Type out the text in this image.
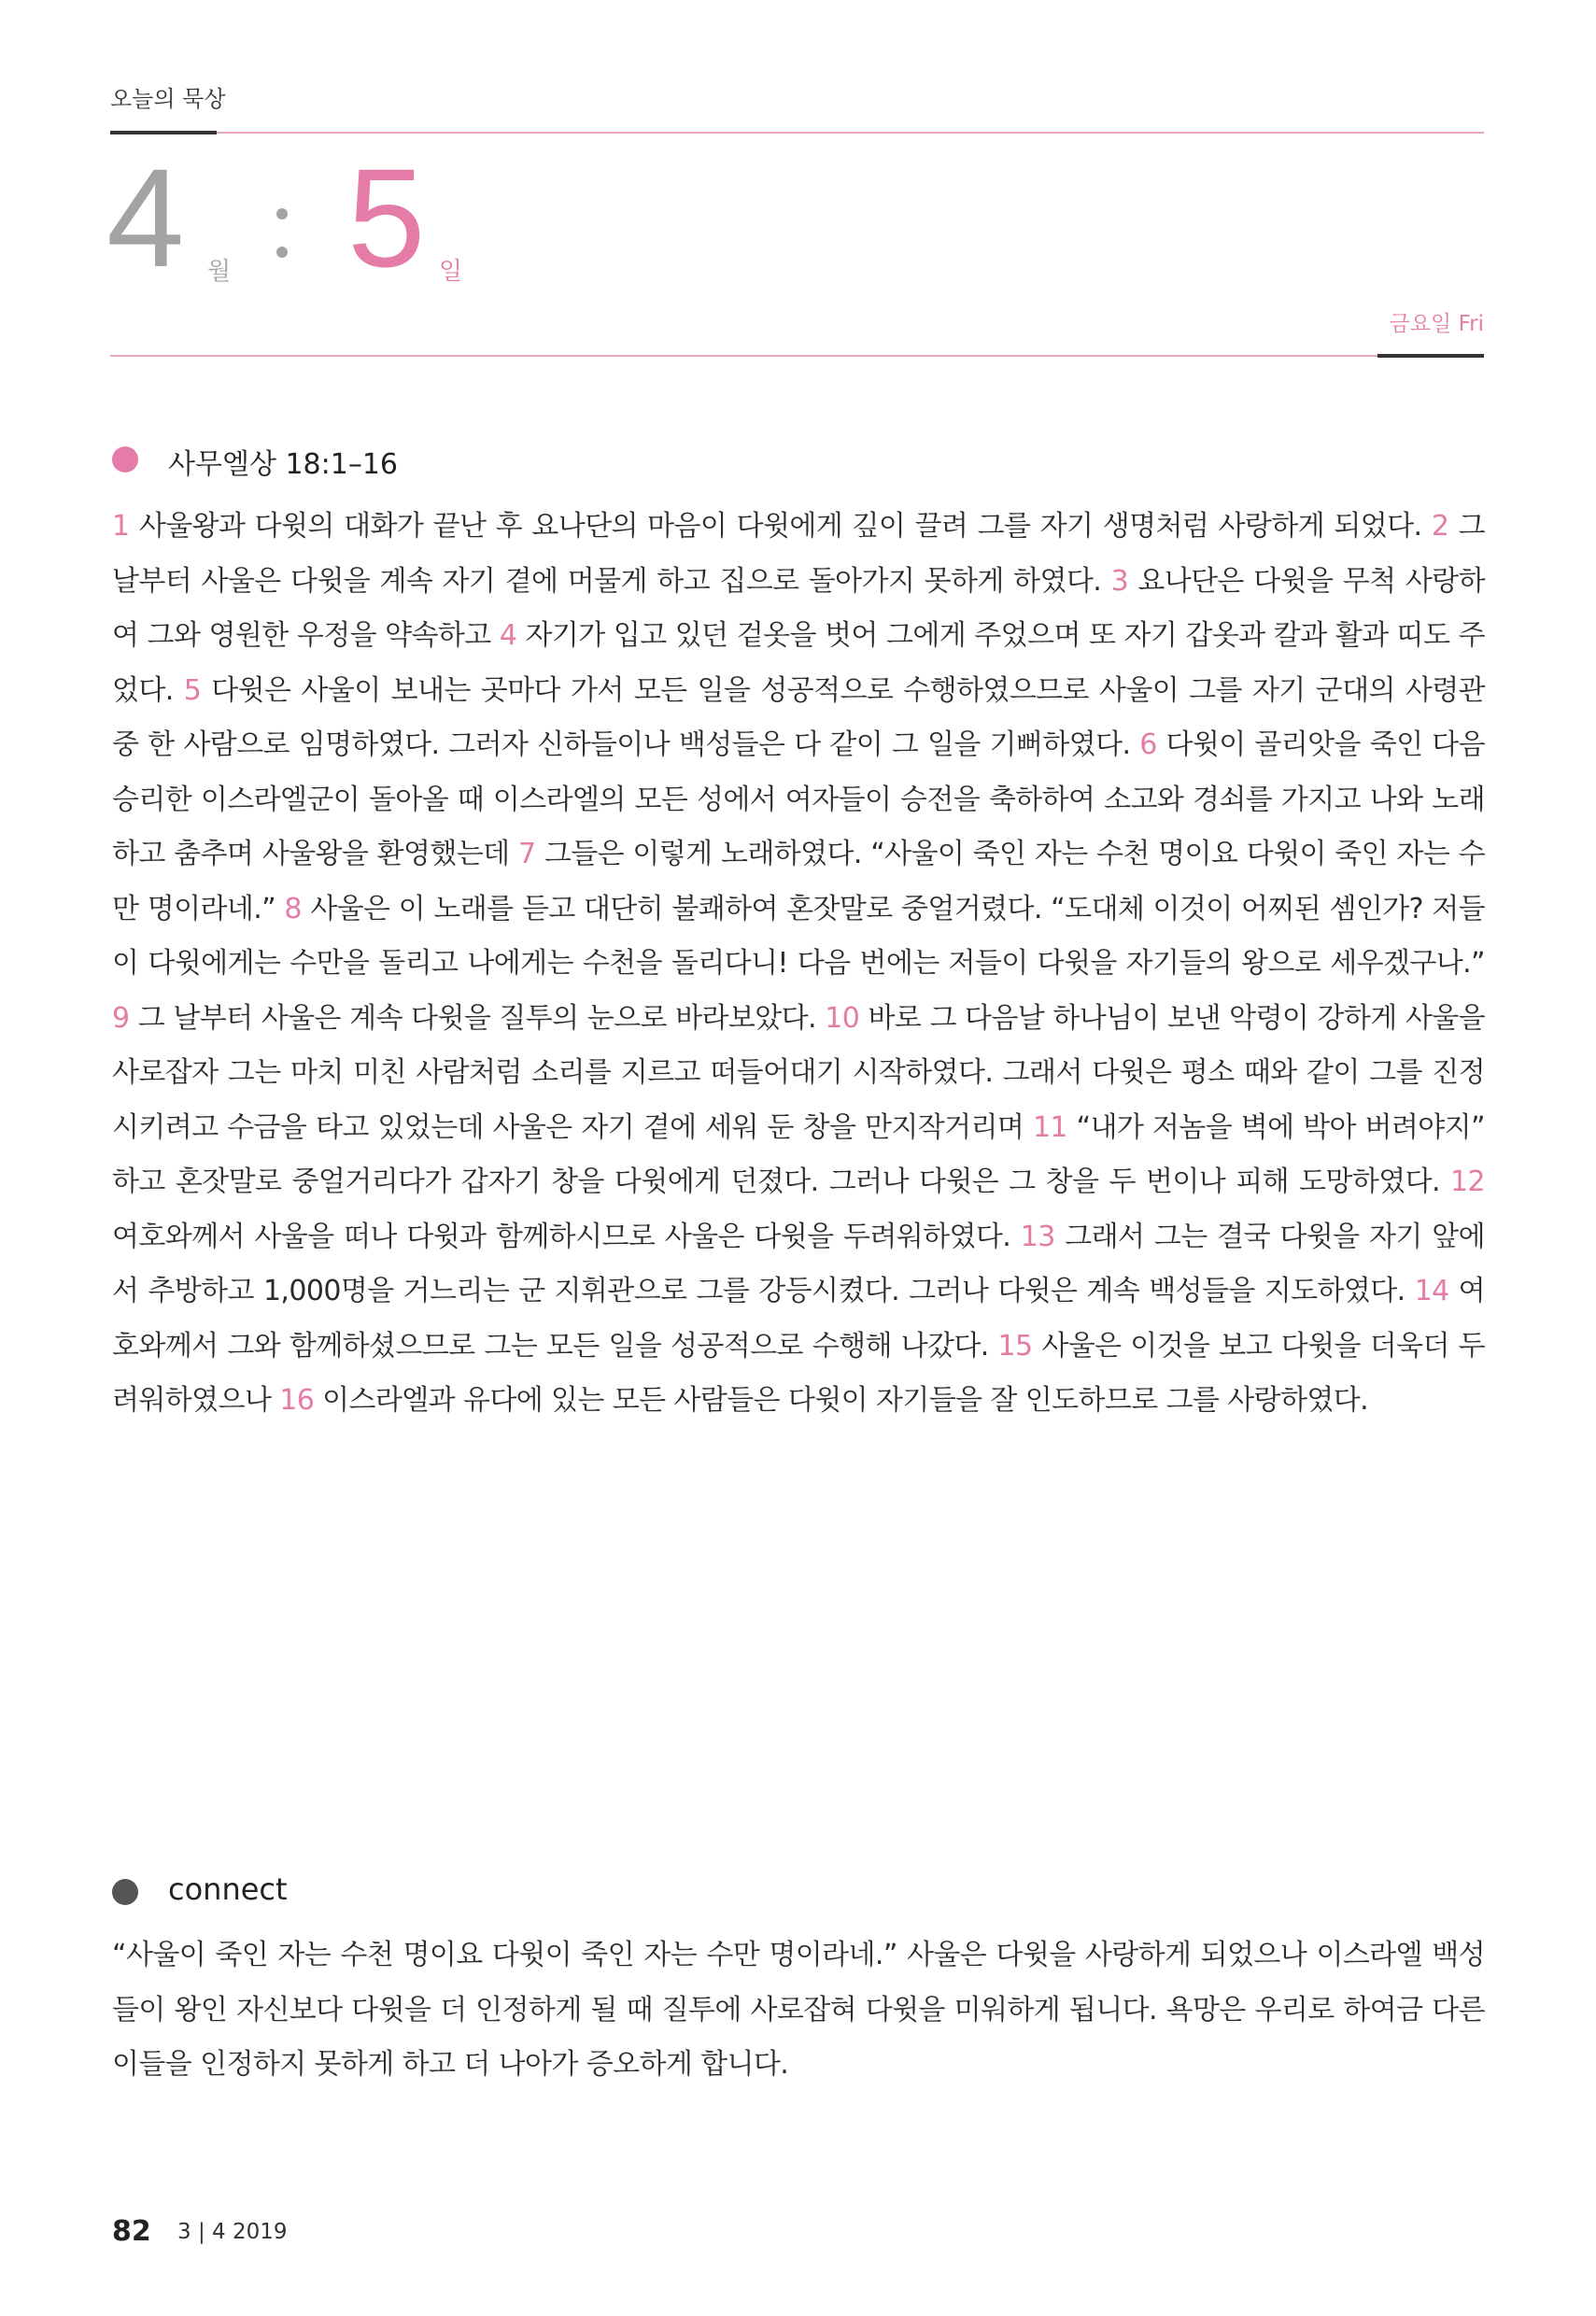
오늘의 묵상
4 월 5 일
금요일 Fri
사무엘상 18:1–16

1 사울왕과 다윗의 대화가 끝난 후 요나단의 마음이 다윗에게 깊이 끌려 그를 자기 생명처럼 사랑하게 되었다. 2 그 날부터 사울은 다윗을 계속 자기 곁에 머물게 하고 집으로 돌아가지 못하게 하였다. 3 요나단은 다윗을 무척 사랑하여 그와 영원한 우정을 약속하고 4 자기가 입고 있던 겉옷을 벗어 그에게 주었으며 또 자기 갑옷과 칼과 활과 띠도 주었다. 5 다윗은 사울이 보내는 곳마다 가서 모든 일을 성공적으로 수행하였으므로 사울이 그를 자기 군대의 사령관 중 한 사람으로 임명하였다. 그러자 신하들이나 백성들은 다 같이 그 일을 기뻐하였다. 6 다윗이 골리앗을 죽인 다음 승리한 이스라엘군이 돌아올 때 이스라엘의 모든 성에서 여자들이 승전을 축하하여 소고와 경쇠를 가지고 나와 노래하고 춤추며 사울왕을 환영했는데 7 그들은 이렇게 노래하였다. “사울이 죽인 자는 수천 명이요 다윗이 죽인 자는 수만 명이라네.” 8 사울은 이 노래를 듣고 대단히 불쾌하여 혼잣말로 중얼거렸다. “도대체 이것이 어찌된 셈인가? 저들이 다윗에게는 수만을 돌리고 나에게는 수천을 돌리다니! 다음 번에는 저들이 다윗을 자기들의 왕으로 세우겠구나.” 9 그 날부터 사울은 계속 다윗을 질투의 눈으로 바라보았다. 10 바로 그 다음날 하나님이 보낸 악령이 강하게 사울을 사로잡자 그는 마치 미친 사람처럼 소리를 지르고 떠들어대기 시작하였다. 그래서 다윗은 평소 때와 같이 그를 진정시키려고 수금을 타고 있었는데 사울은 자기 곁에 세워 둔 창을 만지작거리며 11 “내가 저놈을 벽에 박아 버려야지” 하고 혼잣말로 중얼거리다가 갑자기 창을 다윗에게 던졌다. 그러나 다윗은 그 창을 두 번이나 피해 도망하였다. 12 여호와께서 사울을 떠나 다윗과 함께하시므로 사울은 다윗을 두려워하였다. 13 그래서 그는 결국 다윗을 자기 앞에서 추방하고 1,000명을 거느리는 군 지휘관으로 그를 강등시켰다. 그러나 다윗은 계속 백성들을 지도하였다. 14 여호와께서 그와 함께하셨으므로 그는 모든 일을 성공적으로 수행해 나갔다. 15 사울은 이것을 보고 다윗을 더욱더 두려워하였으나 16 이스라엘과 유다에 있는 모든 사람들은 다윗이 자기들을 잘 인도하므로 그를 사랑하였다.

connect

“사울이 죽인 자는 수천 명이요 다윗이 죽인 자는 수만 명이라네.” 사울은 다윗을 사랑하게 되었으나 이스라엘 백성들이 왕인 자신보다 다윗을 더 인정하게 될 때 질투에 사로잡혀 다윗을 미워하게 됩니다. 욕망은 우리로 하여금 다른 이들을 인정하지 못하게 하고 더 나아가 증오하게 합니다.

82 3 | 4 2019
